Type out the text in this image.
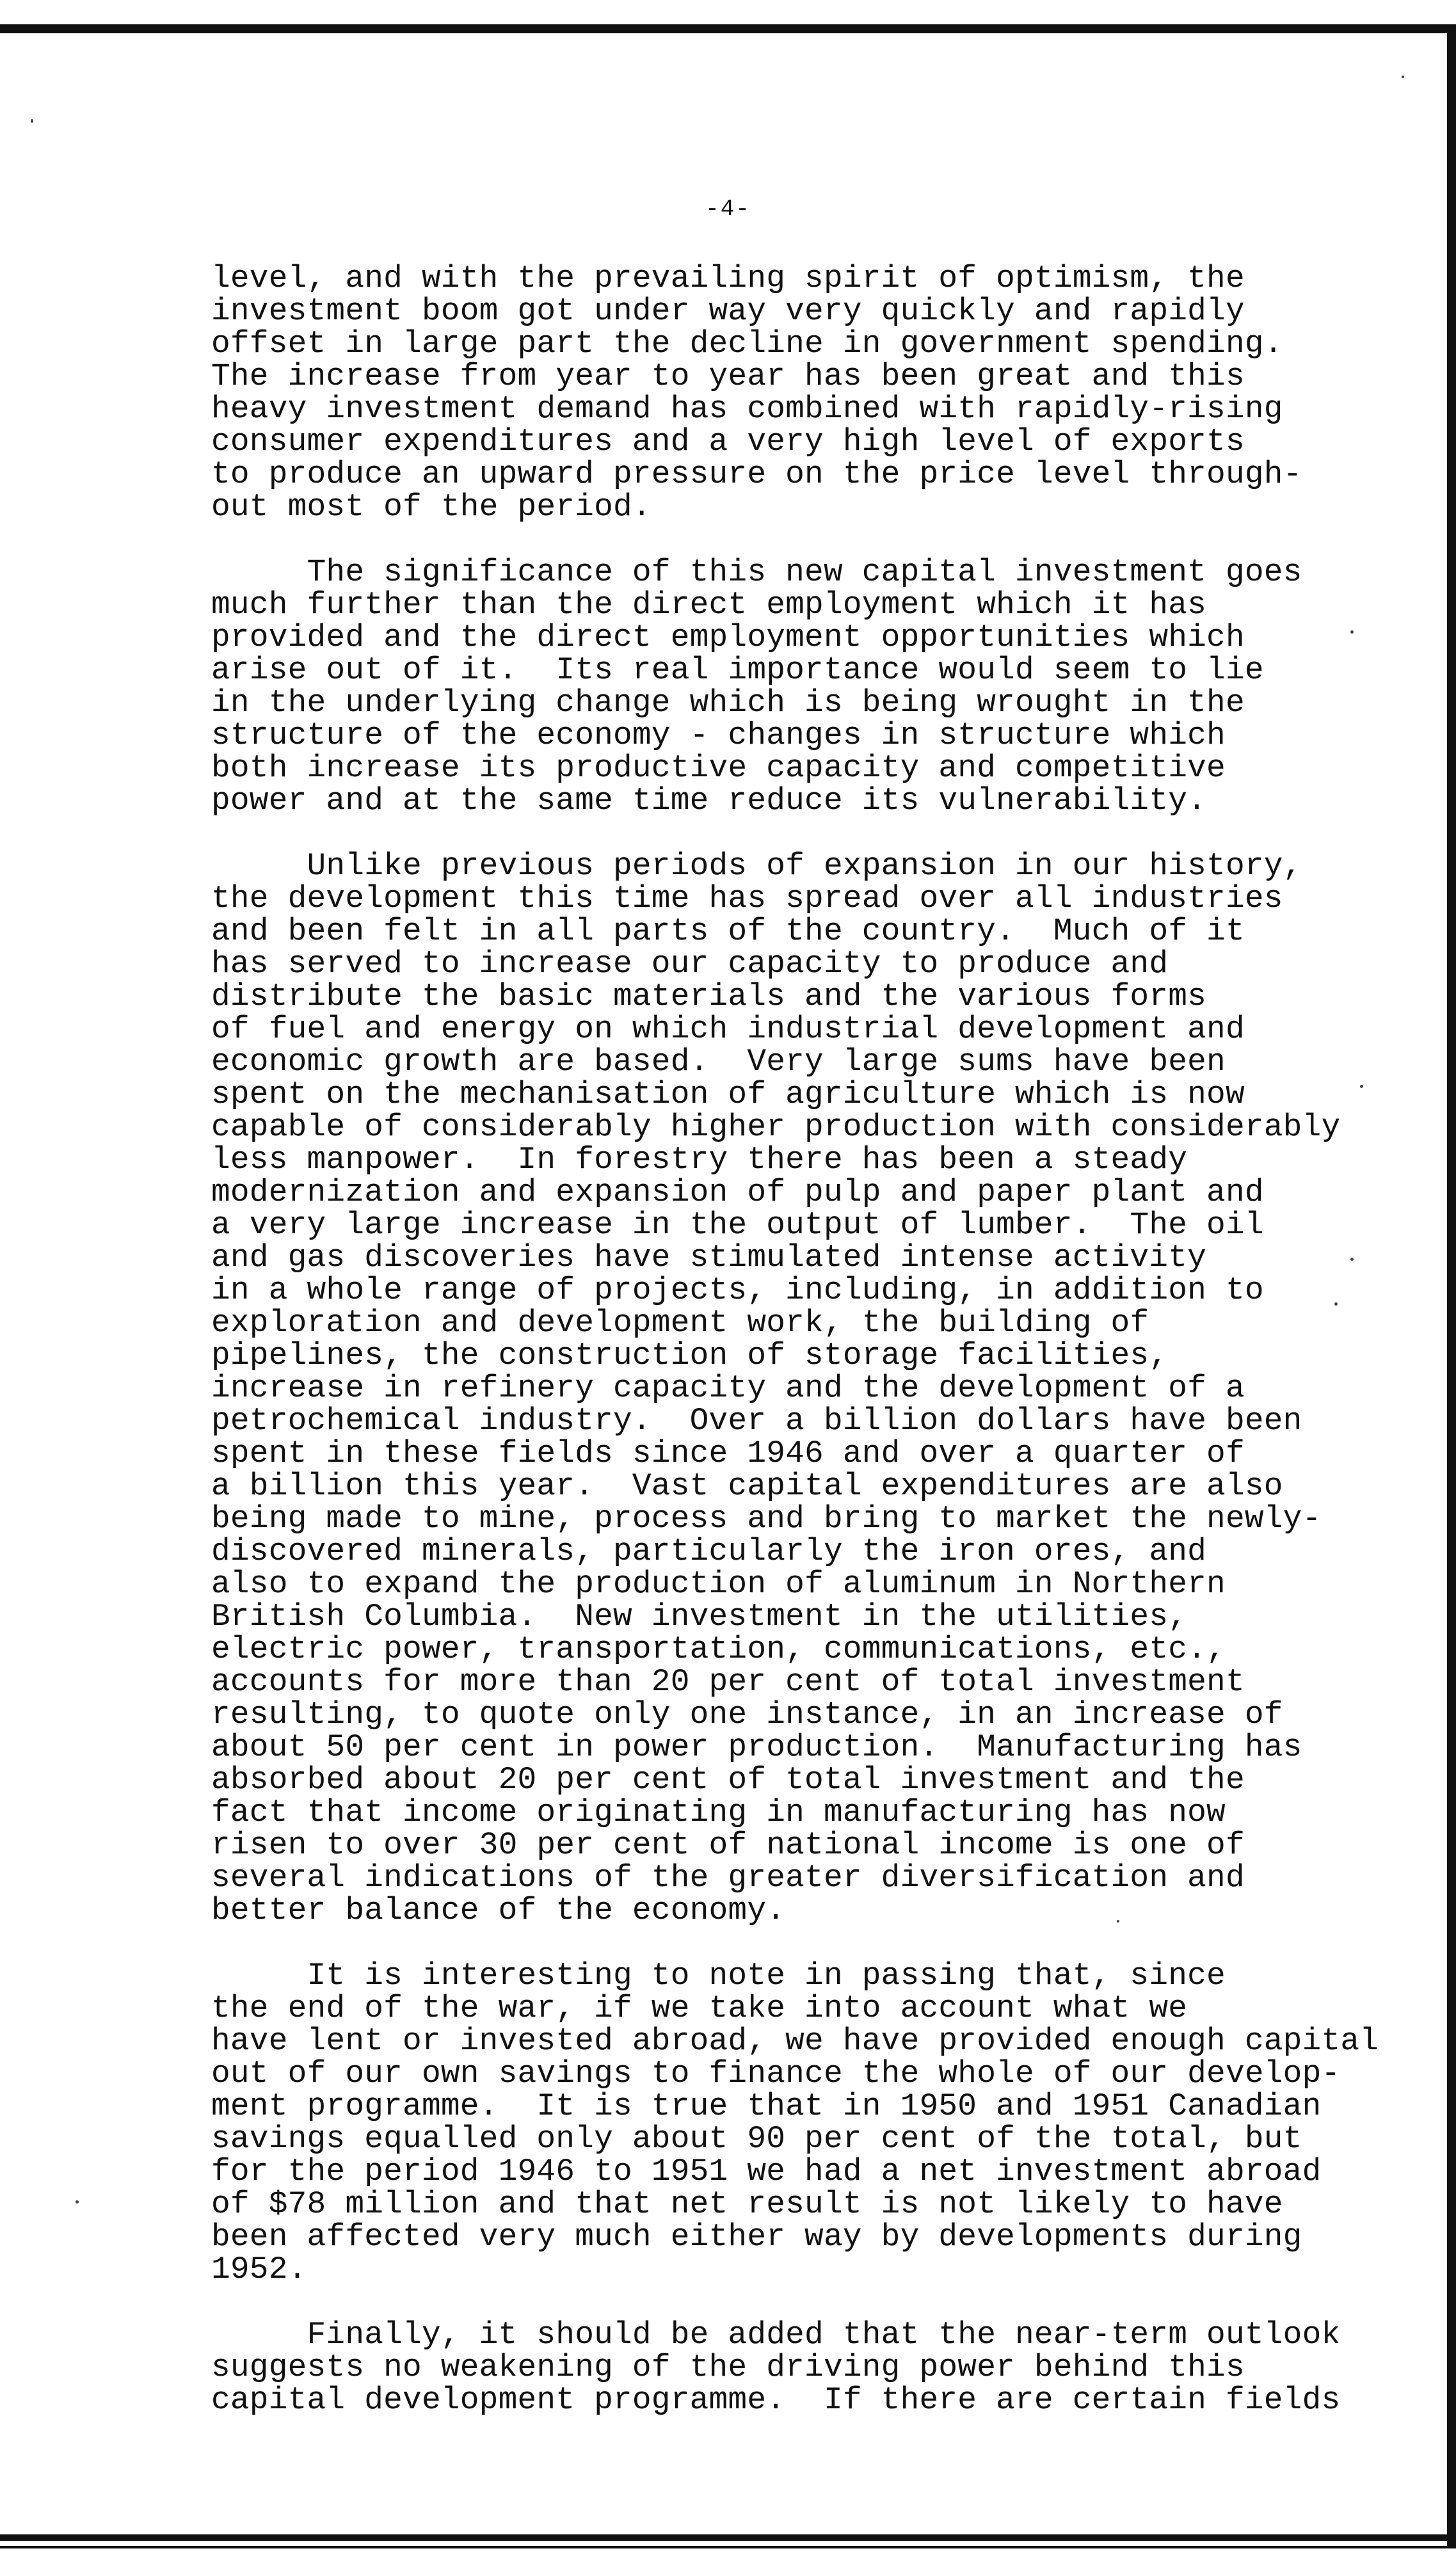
-4-
level, and with the prevailing spirit of optimism, the
investment boom got under way very quickly and rapidly
offset in large part the decline in government spending.
The increase from year to year has been great and this
heavy investment demand has combined with rapidly-rising
consumer expenditures and a very high level of exports
to produce an upward pressure on the price level through-
out most of the period.
The significance of this new capital investment goes
much further than the direct employment which it has
provided and the direct employment opportunities which
arise out of it.  Its real importance would seem to lie
in the underlying change which is being wrought in the
structure of the economy - changes in structure which
both increase its productive capacity and competitive
power and at the same time reduce its vulnerability.
Unlike previous periods of expansion in our history,
the development this time has spread over all industries
and been felt in all parts of the country.  Much of it
has served to increase our capacity to produce and
distribute the basic materials and the various forms
of fuel and energy on which industrial development and
economic growth are based.  Very large sums have been
spent on the mechanisation of agriculture which is now
capable of considerably higher production with considerably
less manpower.  In forestry there has been a steady
modernization and expansion of pulp and paper plant and
a very large increase in the output of lumber.  The oil
and gas discoveries have stimulated intense activity
in a whole range of projects, including, in addition to
exploration and development work, the building of
pipelines, the construction of storage facilities,
increase in refinery capacity and the development of a
petrochemical industry.  Over a billion dollars have been
spent in these fields since 1946 and over a quarter of
a billion this year.  Vast capital expenditures are also
being made to mine, process and bring to market the newly-
discovered minerals, particularly the iron ores, and
also to expand the production of aluminum in Northern
British Columbia.  New investment in the utilities,
electric power, transportation, communications, etc.,
accounts for more than 20 per cent of total investment
resulting, to quote only one instance, in an increase of
about 50 per cent in power production.  Manufacturing has
absorbed about 20 per cent of total investment and the
fact that income originating in manufacturing has now
risen to over 30 per cent of national income is one of
several indications of the greater diversification and
better balance of the economy.
It is interesting to note in passing that, since
the end of the war, if we take into account what we
have lent or invested abroad, we have provided enough capital
out of our own savings to finance the whole of our develop-
ment programme.  It is true that in 1950 and 1951 Canadian
savings equalled only about 90 per cent of the total, but
for the period 1946 to 1951 we had a net investment abroad
of $78 million and that net result is not likely to have
been affected very much either way by developments during
1952.
Finally, it should be added that the near-term outlook
suggests no weakening of the driving power behind this
capital development programme.  If there are certain fields
